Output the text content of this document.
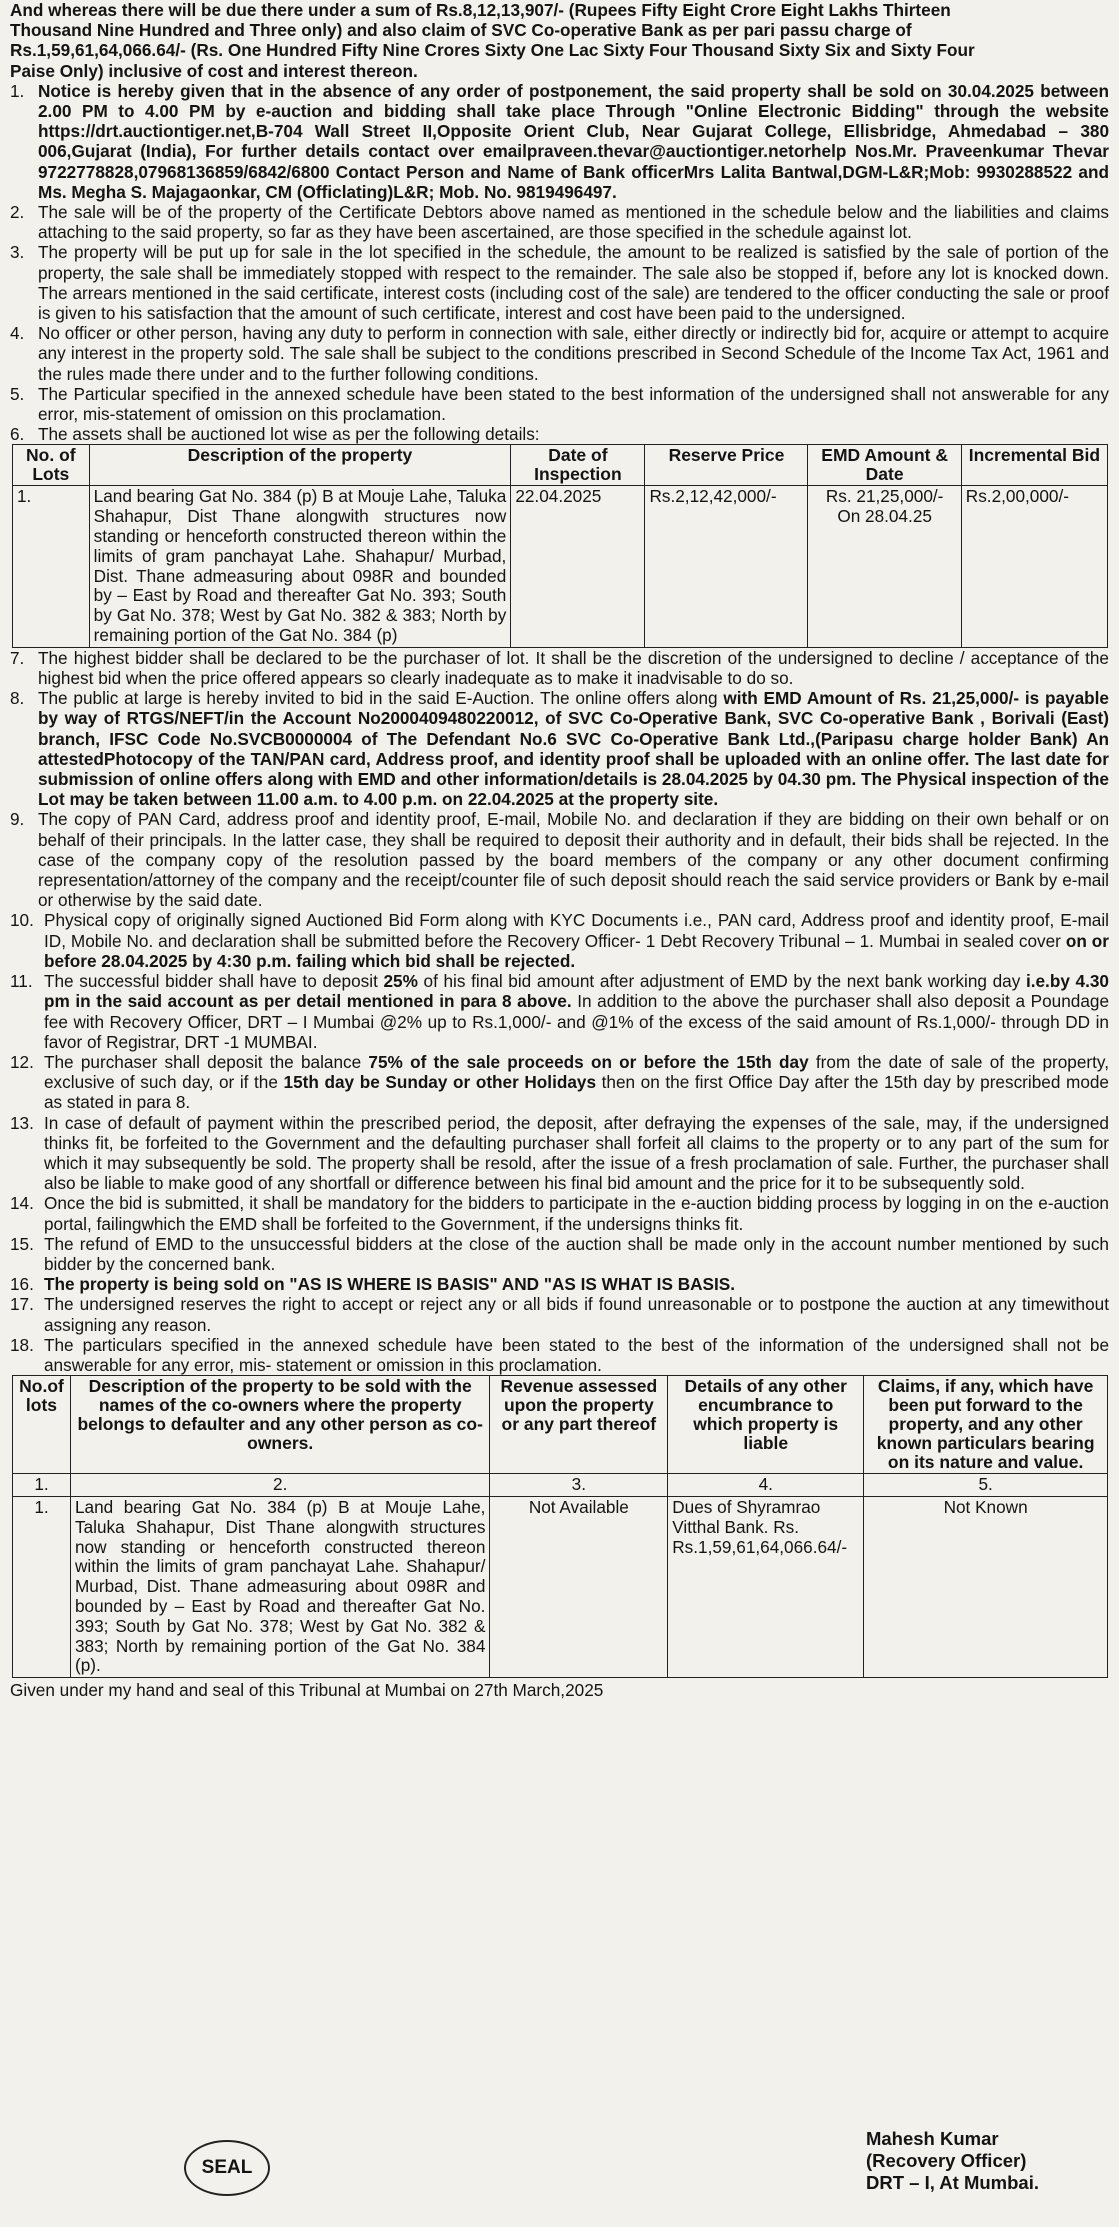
And whereas there will be due there under a sum of Rs.8,12,13,907/- (Rupees Fifty Eight Crore Eight Lakhs Thirteen

Thousand Nine Hundred and Three only) and also claim of SVC Co-operative Bank as per pari passu charge of

Rs.1,59,61,64,066.64/- (Rs. One Hundred Fifty Nine Crores Sixty One Lac Sixty Four Thousand Sixty Six and Sixty Four

Paise Only) inclusive of cost and interest thereon.

1. Notice is hereby given that in the absence of any order of postponement, the said property shall be sold on 30.04.2025 between 2.00 PM to 4.00 PM by e-auction and bidding shall take place Through "Online Electronic Bidding" through the website https://drt.auctiontiger.net,B-704 Wall Street II,Opposite Orient Club, Near Gujarat College, Ellisbridge, Ahmedabad – 380 006,Gujarat (India), For further details contact over emailpraveen.thevar@auctiontiger.netorhelp Nos.Mr. Praveenkumar Thevar 9722778828,07968136859/6842/6800 Contact Person and Name of Bank officerMrs Lalita Bantwal,DGM-L&R;Mob: 9930288522 and Ms. Megha S. Majagaonkar, CM (Officlating)L&R; Mob. No. 9819496497.
2. The sale will be of the property of the Certificate Debtors above named as mentioned in the schedule below and the liabilities and claims attaching to the said property, so far as they have been ascertained, are those specified in the schedule against lot.
3. The property will be put up for sale in the lot specified in the schedule, the amount to be realized is satisfied by the sale of portion of the property, the sale shall be immediately stopped with respect to the remainder. The sale also be stopped if, before any lot is knocked down. The arrears mentioned in the said certificate, interest costs (including cost of the sale) are tendered to the officer conducting the sale or proof is given to his satisfaction that the amount of such certificate, interest and cost have been paid to the undersigned.
4. No officer or other person, having any duty to perform in connection with sale, either directly or indirectly bid for, acquire or attempt to acquire any interest in the property sold. The sale shall be subject to the conditions prescribed in Second Schedule of the Income Tax Act, 1961 and the rules made there under and to the further following conditions.
5. The Particular specified in the annexed schedule have been stated to the best information of the undersigned shall not answerable for any error, mis-statement of omission on this proclamation.
6. The assets shall be auctioned lot wise as per the following details:
No. of Lots	Description of the property	Date of Inspection	Reserve Price	EMD Amount & Date	Incremental Bid
1.	Land bearing Gat No. 384 (p) B at Mouje Lahe, Taluka Shahapur, Dist Thane alongwith structures now standing or henceforth constructed thereon within the limits of gram panchayat Lahe. Shahapur/ Murbad, Dist. Thane admeasuring about 098R and bounded by – East by Road and thereafter Gat No. 393; South by Gat No. 378; West by Gat No. 382 & 383; North by remaining portion of the Gat No. 384 (p)	22.04.2025	Rs.2,12,42,000/-	Rs. 21,25,000/- On 28.04.25	Rs.2,00,000/-
7. The highest bidder shall be declared to be the purchaser of lot. It shall be the discretion of the undersigned to decline / acceptance of the highest bid when the price offered appears so clearly inadequate as to make it inadvisable to do so.
8. The public at large is hereby invited to bid in the said E-Auction. The online offers along with EMD Amount of Rs. 21,25,000/- is payable by way of RTGS/NEFT/in the Account No2000409480220012, of SVC Co-Operative Bank, SVC Co-operative Bank , Borivali (East) branch, IFSC Code No.SVCB0000004 of The Defendant No.6 SVC Co-Operative Bank Ltd.,(Paripasu charge holder Bank) An attestedPhotocopy of the TAN/PAN card, Address proof, and identity proof shall be uploaded with an online offer. The last date for submission of online offers along with EMD and other information/details is 28.04.2025 by 04.30 pm. The Physical inspection of the Lot may be taken between 11.00 a.m. to 4.00 p.m. on 22.04.2025 at the property site.
9. The copy of PAN Card, address proof and identity proof, E-mail, Mobile No. and declaration if they are bidding on their own behalf or on behalf of their principals. In the latter case, they shall be required to deposit their authority and in default, their bids shall be rejected. In the case of the company copy of the resolution passed by the board members of the company or any other document confirming representation/attorney of the company and the receipt/counter file of such deposit should reach the said service providers or Bank by e-mail or otherwise by the said date.
10. Physical copy of originally signed Auctioned Bid Form along with KYC Documents i.e., PAN card, Address proof and identity proof, E-mail ID, Mobile No. and declaration shall be submitted before the Recovery Officer- 1 Debt Recovery Tribunal – 1. Mumbai in sealed cover on or before 28.04.2025 by 4:30 p.m. failing which bid shall be rejected.
11. The successful bidder shall have to deposit 25% of his final bid amount after adjustment of EMD by the next bank working day i.e.by 4.30 pm in the said account as per detail mentioned in para 8 above. In addition to the above the purchaser shall also deposit a Poundage fee with Recovery Officer, DRT – I Mumbai @2% up to Rs.1,000/- and @1% of the excess of the said amount of Rs.1,000/- through DD in favor of Registrar, DRT -1 MUMBAI.
12. The purchaser shall deposit the balance 75% of the sale proceeds on or before the 15th day from the date of sale of the property, exclusive of such day, or if the 15th day be Sunday or other Holidays then on the first Office Day after the 15th day by prescribed mode as stated in para 8.
13. In case of default of payment within the prescribed period, the deposit, after defraying the expenses of the sale, may, if the undersigned thinks fit, be forfeited to the Government and the defaulting purchaser shall forfeit all claims to the property or to any part of the sum for which it may subsequently be sold. The property shall be resold, after the issue of a fresh proclamation of sale. Further, the purchaser shall also be liable to make good of any shortfall or difference between his final bid amount and the price for it to be subsequently sold.
14. Once the bid is submitted, it shall be mandatory for the bidders to participate in the e-auction bidding process by logging in on the e-auction portal, failingwhich the EMD shall be forfeited to the Government, if the undersigns thinks fit.
15. The refund of EMD to the unsuccessful bidders at the close of the auction shall be made only in the account number mentioned by such bidder by the concerned bank.
16. The property is being sold on "AS IS WHERE IS BASIS" AND "AS IS WHAT IS BASIS.
17. The undersigned reserves the right to accept or reject any or all bids if found unreasonable or to postpone the auction at any timewithout assigning any reason.
18. The particulars specified in the annexed schedule have been stated to the best of the information of the undersigned shall not be answerable for any error, mis- statement or omission in this proclamation.
No.of lots	Description of the property to be sold with the names of the co-owners where the property belongs to defaulter and any other person as co-owners.	Revenue assessed upon the property or any part thereof	Details of any other encumbrance to which property is liable	Claims, if any, which have been put forward to the property, and any other known particulars bearing on its nature and value.
1.	2.	3.	4.	5.
1.	Land bearing Gat No. 384 (p) B at Mouje Lahe, Taluka Shahapur, Dist Thane alongwith structures now standing or henceforth constructed thereon within the limits of gram panchayat Lahe. Shahapur/ Murbad, Dist. Thane admeasuring about 098R and bounded by – East by Road and thereafter Gat No. 393; South by Gat No. 378; West by Gat No. 382 & 383; North by remaining portion of the Gat No. 384 (p).	Not Available	Dues of Shyramrao Vitthal Bank. Rs. Rs.1,59,61,64,066.64/-	Not Known
Given under my hand and seal of this Tribunal at Mumbai on 27th March,2025
SEAL
Mahesh Kumar
(Recovery Officer)
DRT – I, At Mumbai.
